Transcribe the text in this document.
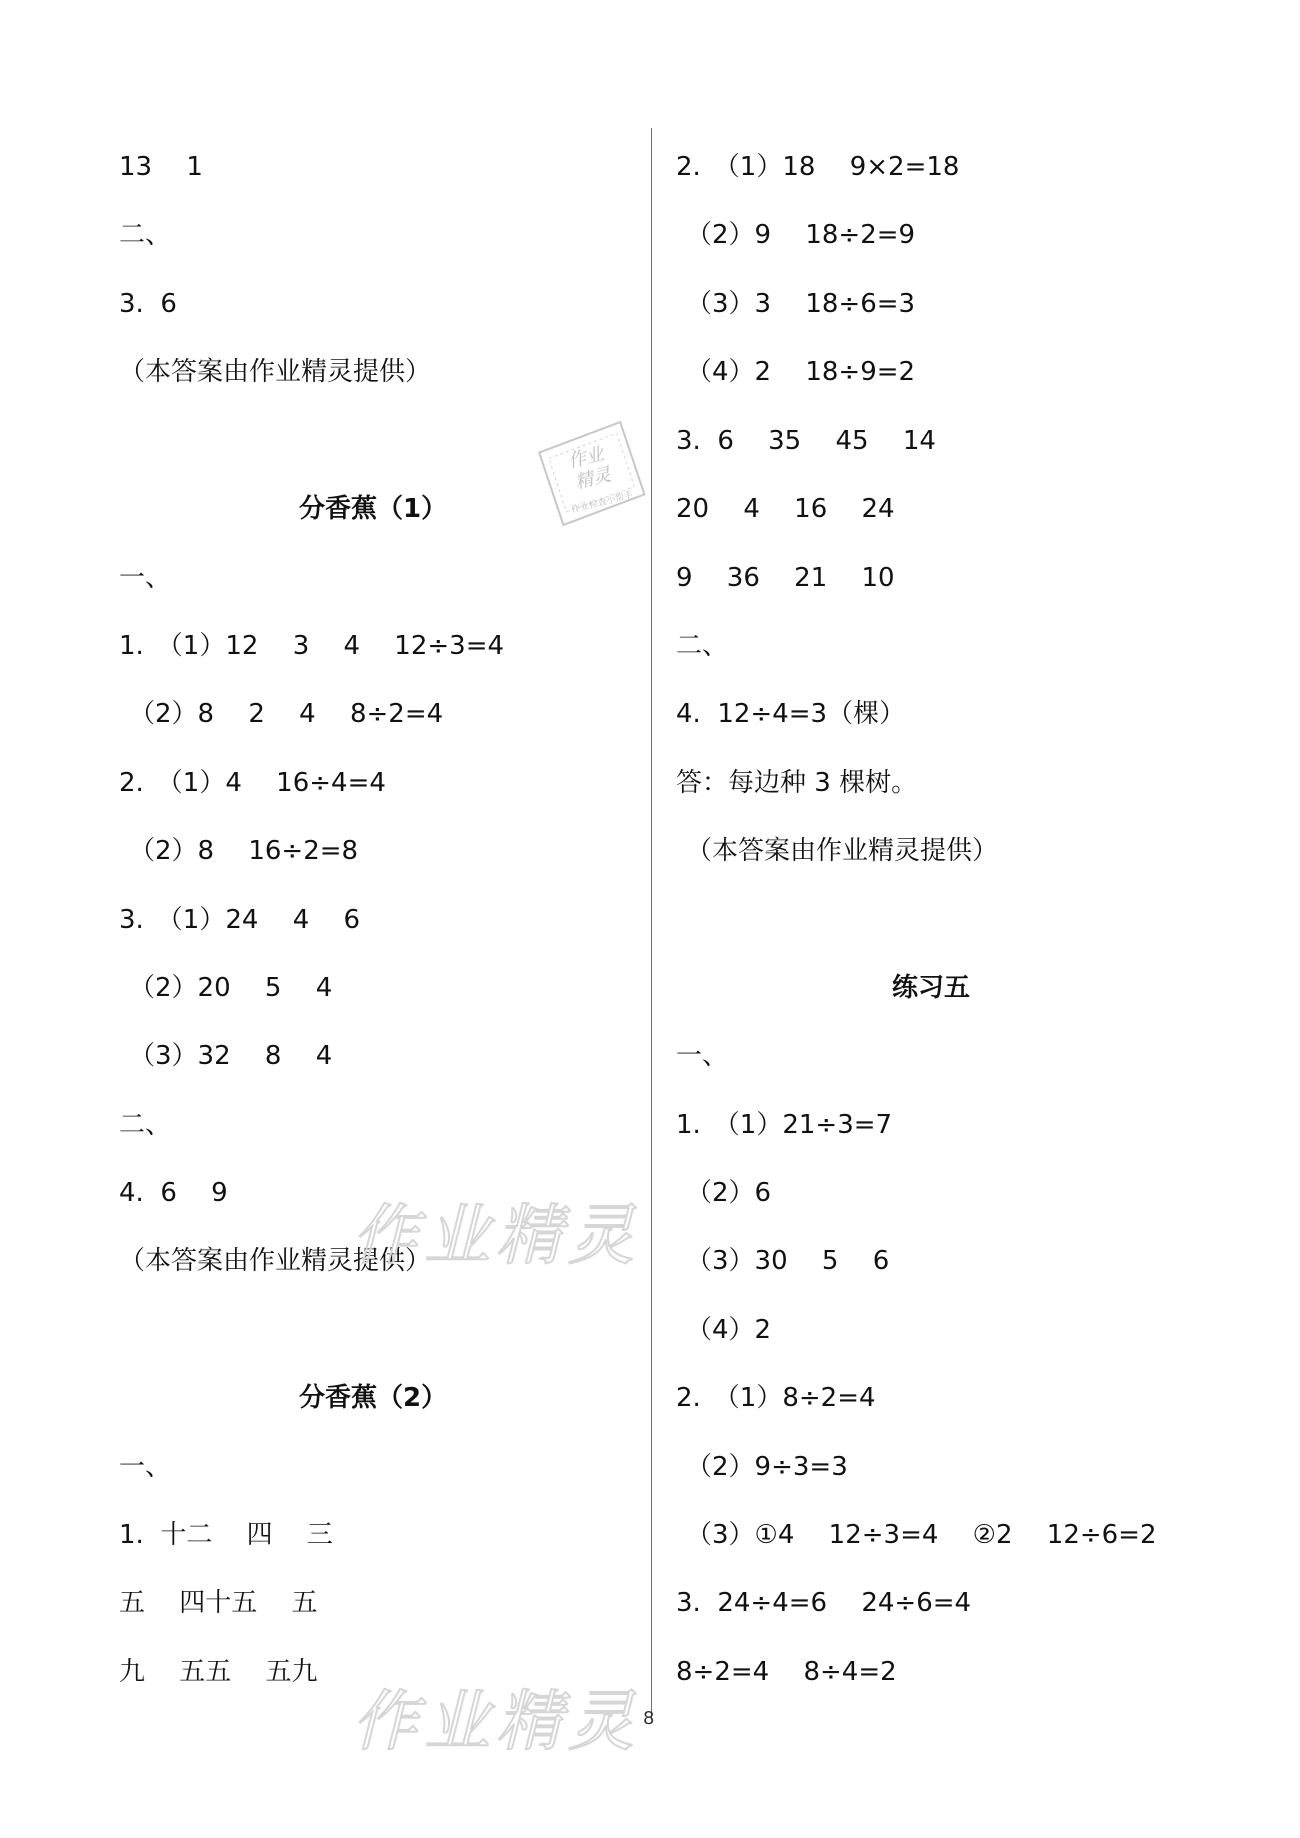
13　 1

二、

3.  6

（本答案由作业精灵提供）

分香蕉（1）

一、

1.　（1）12　 3　 4　 12÷3=4

（2）8　 2　 4　 8÷2=4

2.　（1）4　 16÷4=4

（2）8　 16÷2=8

3.　（1）24　 4　 6

（2）20　 5　 4

（3）32　 8　 4

二、

4.  6　 9

（本答案由作业精灵提供）

分香蕉（2）

一、

1.  十二　 四　 三

五　 四十五　 五

九　 五五　 五九

2.　（1）18　 9×2=18

（2）9　 18÷2=9

（3）3　 18÷6=3

（4）2　 18÷9=2

3.  6　 35　 45　 14

20　 4　 16　 24

9　 36　 21　 10

二、

4.  12÷4=3（棵）

答：每边种 3 棵树。

（本答案由作业精灵提供）

练习五

一、

1.　（1）21÷3=7

（2）6

（3）30　 5　 6

（4）2

2.　（1）8÷2=4

（2）9÷3=3

（3）①4　 12÷3=4　 ②2　 12÷6=2

3.  24÷4=6　 24÷6=4

8÷2=4　 8÷4=2

8
作业
精灵
作业检查小帮手
作业精灵
作业精灵
